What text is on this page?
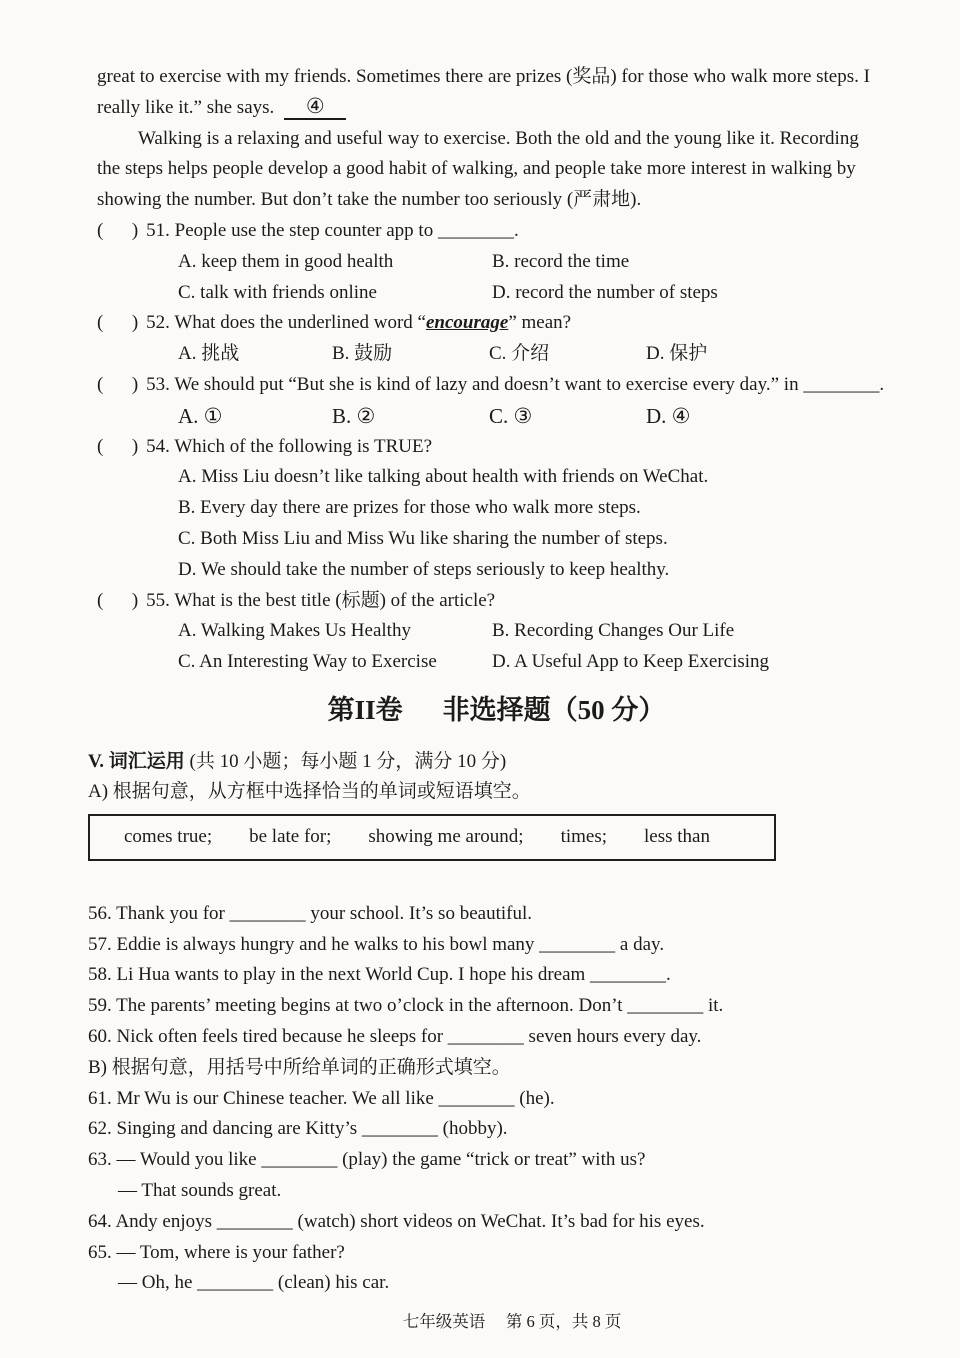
great to exercise with my friends. Sometimes there are prizes (奖品) for those who walk more steps. I
really like it.” she says. ④
Walking is a relaxing and useful way to exercise. Both the old and the young like it. Recording
the steps helps people develop a good habit of walking, and people take more interest in walking by
showing the number. But don’t take the number too seriously (严肃地).
(      ) 51. People use the step counter app to ________.
A. keep them in good health	B. record the time
C. talk with friends online	D. record the number of steps
(      ) 52. What does the underlined word “encourage” mean?
A. 挑战	B. 鼓励	C. 介绍	D. 保护
(      ) 53. We should put “But she is kind of lazy and doesn’t want to exercise every day.” in ________.
A. ①	B. ②	C. ③	D. ④
(      ) 54. Which of the following is TRUE?
A. Miss Liu doesn’t like talking about health with friends on WeChat.
B. Every day there are prizes for those who walk more steps.
C. Both Miss Liu and Miss Wu like sharing the number of steps.
D. We should take the number of steps seriously to keep healthy.
(      ) 55. What is the best title (标题) of the article?
A. Walking Makes Us Healthy	B. Recording Changes Our Life
C. An Interesting Way to Exercise	D. A Useful App to Keep Exercising
第II卷 非选择题（50 分）
V. 词汇运用 (共 10 小题；每小题 1 分，满分 10 分)
A) 根据句意，从方框中选择恰当的单词或短语填空。
comes true; be late for; showing me around; times; less than
56. Thank you for ________ your school. It’s so beautiful.
57. Eddie is always hungry and he walks to his bowl many ________ a day.
58. Li Hua wants to play in the next World Cup. I hope his dream ________.
59. The parents’ meeting begins at two o’clock in the afternoon. Don’t ________ it.
60. Nick often feels tired because he sleeps for ________ seven hours every day.
B) 根据句意，用括号中所给单词的正确形式填空。
61. Mr Wu is our Chinese teacher. We all like ________ (he).
62. Singing and dancing are Kitty’s ________ (hobby).
63. — Would you like ________ (play) the game “trick or treat” with us?
— That sounds great.
64. Andy enjoys ________ (watch) short videos on WeChat. It’s bad for his eyes.
65. — Tom, where is your father?
— Oh, he ________ (clean) his car.
七年级英语　 第 6 页，共 8 页
